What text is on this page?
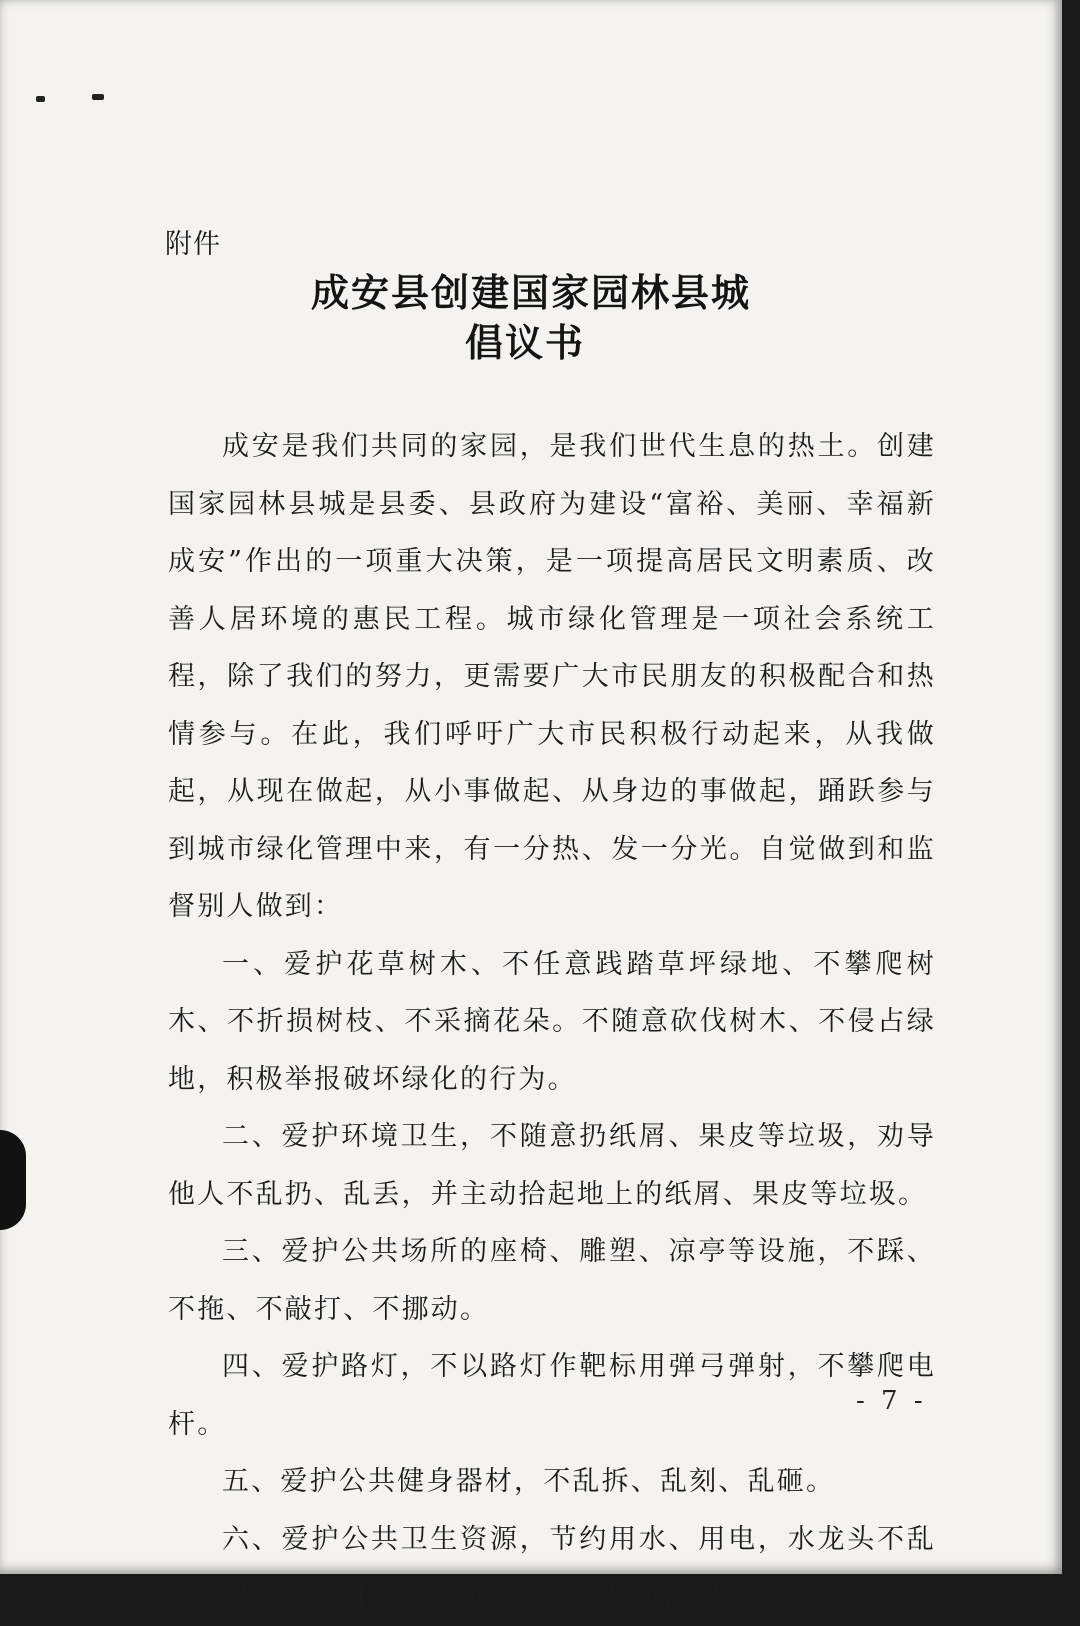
附件
成安县创建国家园林县城
倡议书

成安是我们共同的家园，是我们世代生息的热土。创建国家园林县城是县委、县政府为建设“富裕、美丽、幸福新成安”作出的一项重大决策，是一项提高居民文明素质、改善人居环境的惠民工程。城市绿化管理是一项社会系统工程，除了我们的努力，更需要广大市民朋友的积极配合和热情参与。在此，我们呼吁广大市民积极行动起来，从我做起，从现在做起，从小事做起、从身边的事做起，踊跃参与到城市绿化管理中来，有一分热、发一分光。自觉做到和监督别人做到：

一、爱护花草树木、不任意践踏草坪绿地、不攀爬树木、不折损树枝、不采摘花朵。不随意砍伐树木、不侵占绿地，积极举报破坏绿化的行为。

二、爱护环境卫生，不随意扔纸屑、果皮等垃圾，劝导他人不乱扔、乱丢，并主动拾起地上的纸屑、果皮等垃圾。

三、爱护公共场所的座椅、雕塑、凉亭等设施，不踩、不拖、不敲打、不挪动。

四、爱护路灯，不以路灯作靶标用弹弓弹射，不攀爬电杆。

五、爱护公共健身器材，不乱拆、乱刻、乱砸。

六、爱护公共卫生资源，节约用水、用电，水龙头不乱拧乱拽，电源开关不乱拆卸，垃圾桶不乱踢乱推。

- 7 -
